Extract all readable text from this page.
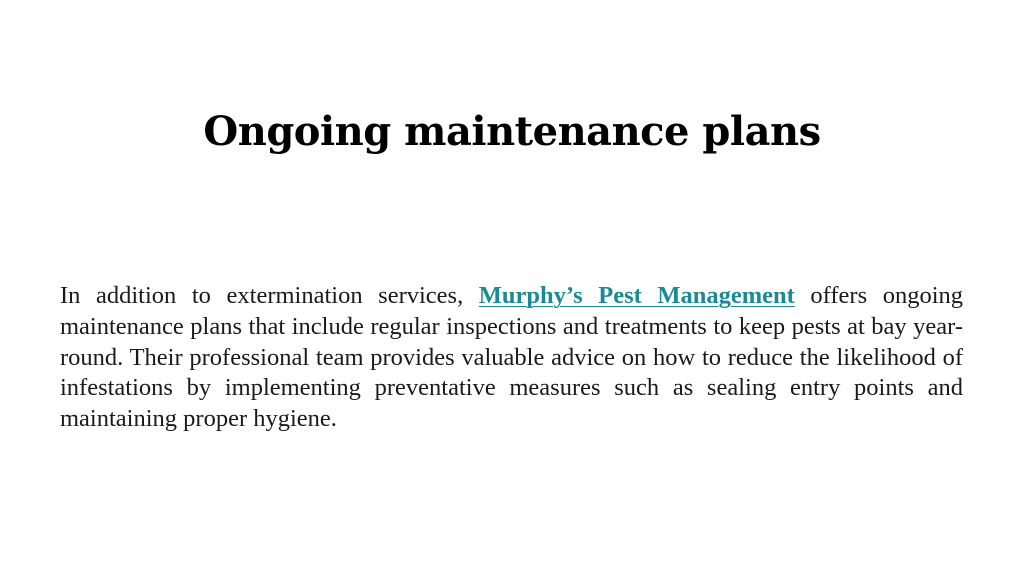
Ongoing maintenance plans

In addition to extermination services, Murphy’s Pest Management offers ongoing maintenance plans that include regular inspections and treatments to keep pests at bay year-round. Their professional team provides valuable advice on how to reduce the likelihood of infestations by implementing preventative measures such as sealing entry points and maintaining proper hygiene.
